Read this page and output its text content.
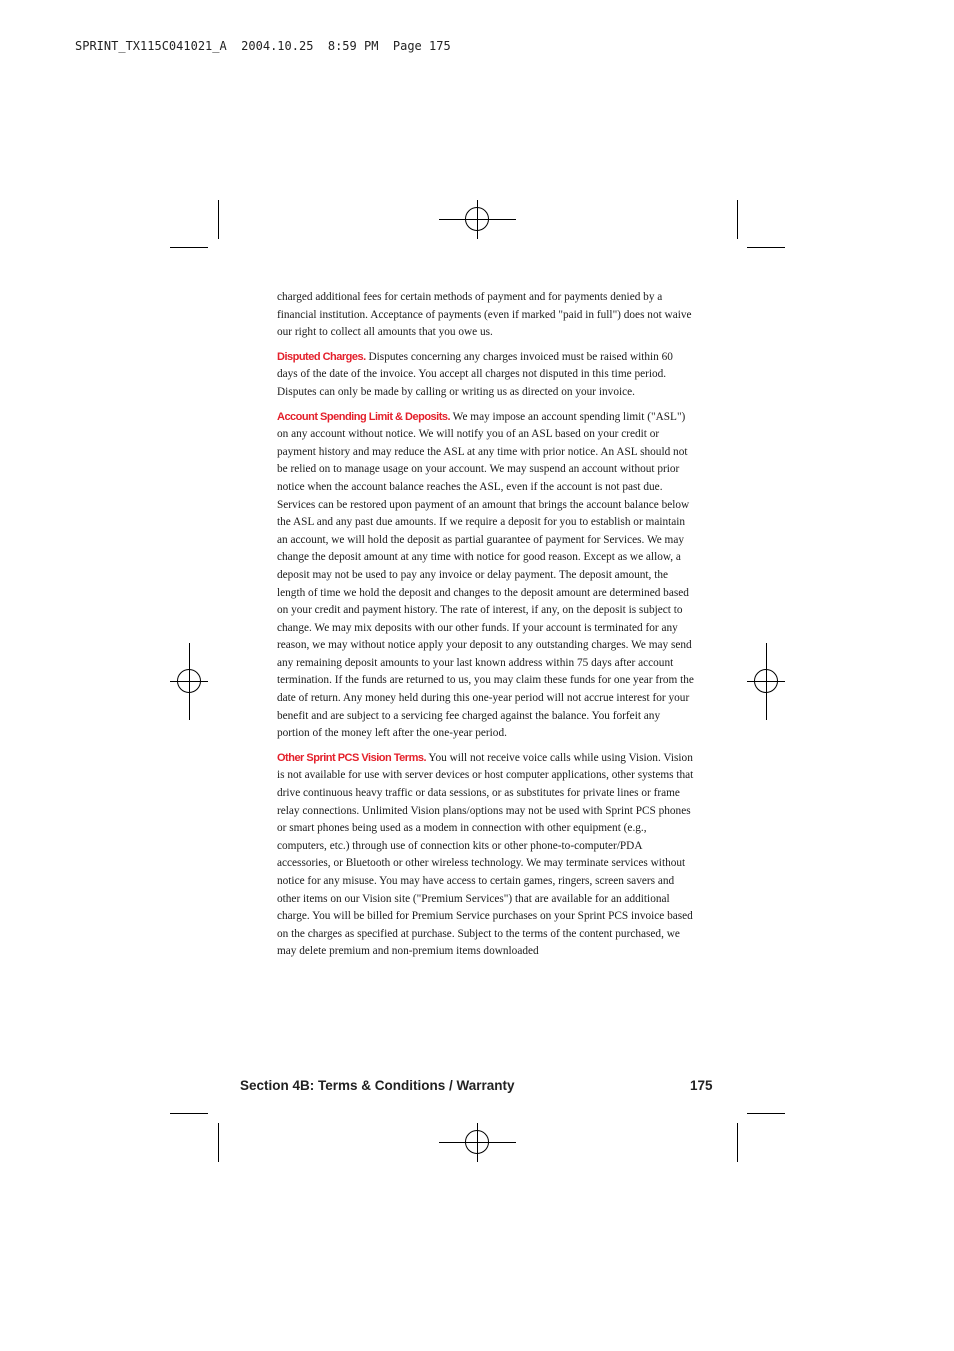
SPRINT_TX115C041021_A  2004.10.25  8:59 PM  Page 175

charged additional fees for certain methods of payment and for payments denied by a financial institution. Acceptance of payments (even if marked "paid in full") does not waive our right to collect all amounts that you owe us.

Disputed Charges. Disputes concerning any charges invoiced must be raised within 60 days of the date of the invoice. You accept all charges not disputed in this time period. Disputes can only be made by calling or writing us as directed on your invoice.

Account Spending Limit & Deposits. We may impose an account spending limit ("ASL") on any account without notice. We will notify you of an ASL based on your credit or payment history and may reduce the ASL at any time with prior notice. An ASL should not be relied on to manage usage on your account. We may suspend an account without prior notice when the account balance reaches the ASL, even if the account is not past due. Services can be restored upon payment of an amount that brings the account balance below the ASL and any past due amounts. If we require a deposit for you to establish or maintain an account, we will hold the deposit as partial guarantee of payment for Services. We may change the deposit amount at any time with notice for good reason. Except as we allow, a deposit may not be used to pay any invoice or delay payment. The deposit amount, the length of time we hold the deposit and changes to the deposit amount are determined based on your credit and payment history. The rate of interest, if any, on the deposit is subject to change. We may mix deposits with our other funds. If your account is terminated for any reason, we may without notice apply your deposit to any outstanding charges. We may send any remaining deposit amounts to your last known address within 75 days after account termination. If the funds are returned to us, you may claim these funds for one year from the date of return. Any money held during this one-year period will not accrue interest for your benefit and are subject to a servicing fee charged against the balance. You forfeit any portion of the money left after the one-year period.

Other Sprint PCS Vision Terms. You will not receive voice calls while using Vision. Vision is not available for use with server devices or host computer applications, other systems that drive continuous heavy traffic or data sessions, or as substitutes for private lines or frame relay connections. Unlimited Vision plans/options may not be used with Sprint PCS phones or smart phones being used as a modem in connection with other equipment (e.g., computers, etc.) through use of connection kits or other phone-to-computer/PDA accessories, or Bluetooth or other wireless technology. We may terminate services without notice for any misuse. You may have access to certain games, ringers, screen savers and other items on our Vision site ("Premium Services") that are available for an additional charge. You will be billed for Premium Service purchases on your Sprint PCS invoice based on the charges as specified at purchase. Subject to the terms of the content purchased, we may delete premium and non-premium items downloaded

Section 4B: Terms & Conditions / Warranty	175
